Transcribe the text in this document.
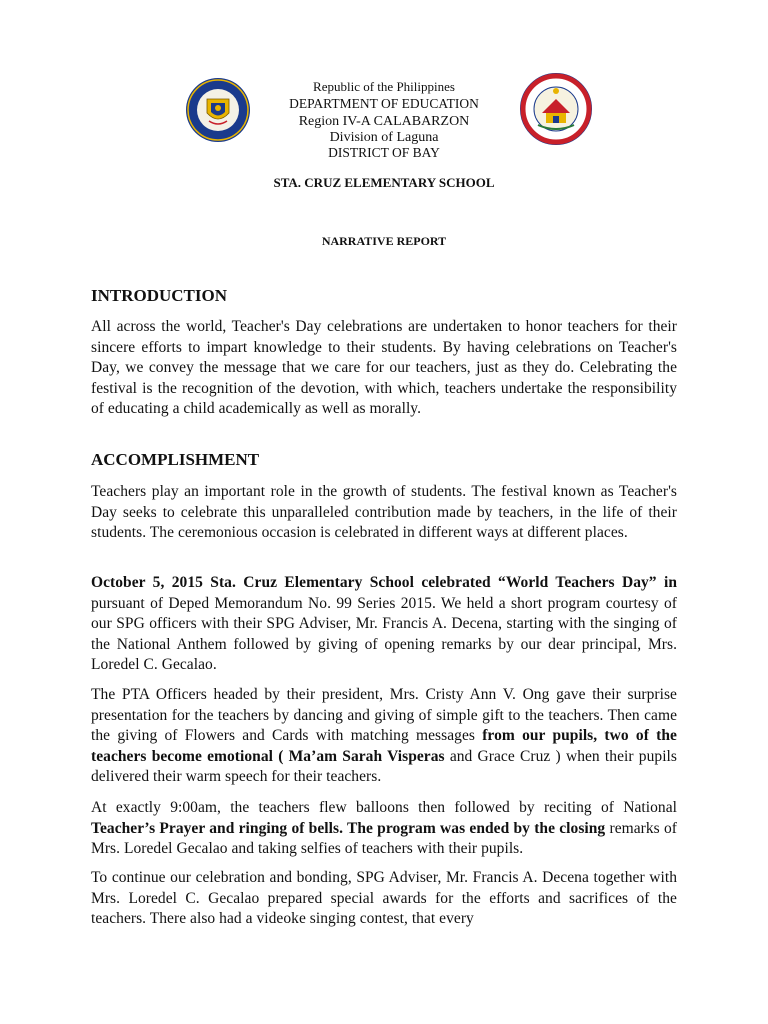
Republic of the Philippines
DEPARTMENT OF EDUCATION
Region IV-A CALABARZON
Division of Laguna
DISTRICT OF BAY
STA. CRUZ ELEMENTARY SCHOOL
NARRATIVE REPORT
INTRODUCTION

All across the world, Teacher's Day celebrations are undertaken to honor teachers for their sincere efforts to impart knowledge to their students. By having celebrations on Teacher's Day, we convey the message that we care for our teachers, just as they do. Celebrating the festival is the recognition of the devotion, with which, teachers undertake the responsibility of educating a child academically as well as morally.

ACCOMPLISHMENT

Teachers play an important role in the growth of students. The festival known as Teacher's Day seeks to celebrate this unparalleled contribution made by teachers, in the life of their students. The ceremonious occasion is celebrated in different ways at different places.

October 5, 2015 Sta. Cruz Elementary School celebrated “World Teachers Day” in pursuant of Deped Memorandum No. 99 Series 2015. We held a short program courtesy of our SPG officers with their SPG Adviser, Mr. Francis A. Decena, starting with the singing of the National Anthem followed by giving of opening remarks by our dear principal, Mrs. Loredel C. Gecalao.

The PTA Officers headed by their president, Mrs. Cristy Ann V. Ong gave their surprise presentation for the teachers by dancing and giving of simple gift to the teachers. Then came the giving of Flowers and Cards with matching messages from our pupils, two of the teachers become emotional ( Ma’am Sarah Visperas and Grace Cruz ) when their pupils delivered their warm speech for their teachers.

At exactly 9:00am, the teachers flew balloons then followed by reciting of National Teacher’s Prayer and ringing of bells. The program was ended by the closing remarks of Mrs. Loredel Gecalao and taking selfies of teachers with their pupils.

To continue our celebration and bonding, SPG Adviser, Mr. Francis A. Decena together with Mrs. Loredel C. Gecalao prepared special awards for the efforts and sacrifices of the teachers. There also had a videoke singing contest, that every
